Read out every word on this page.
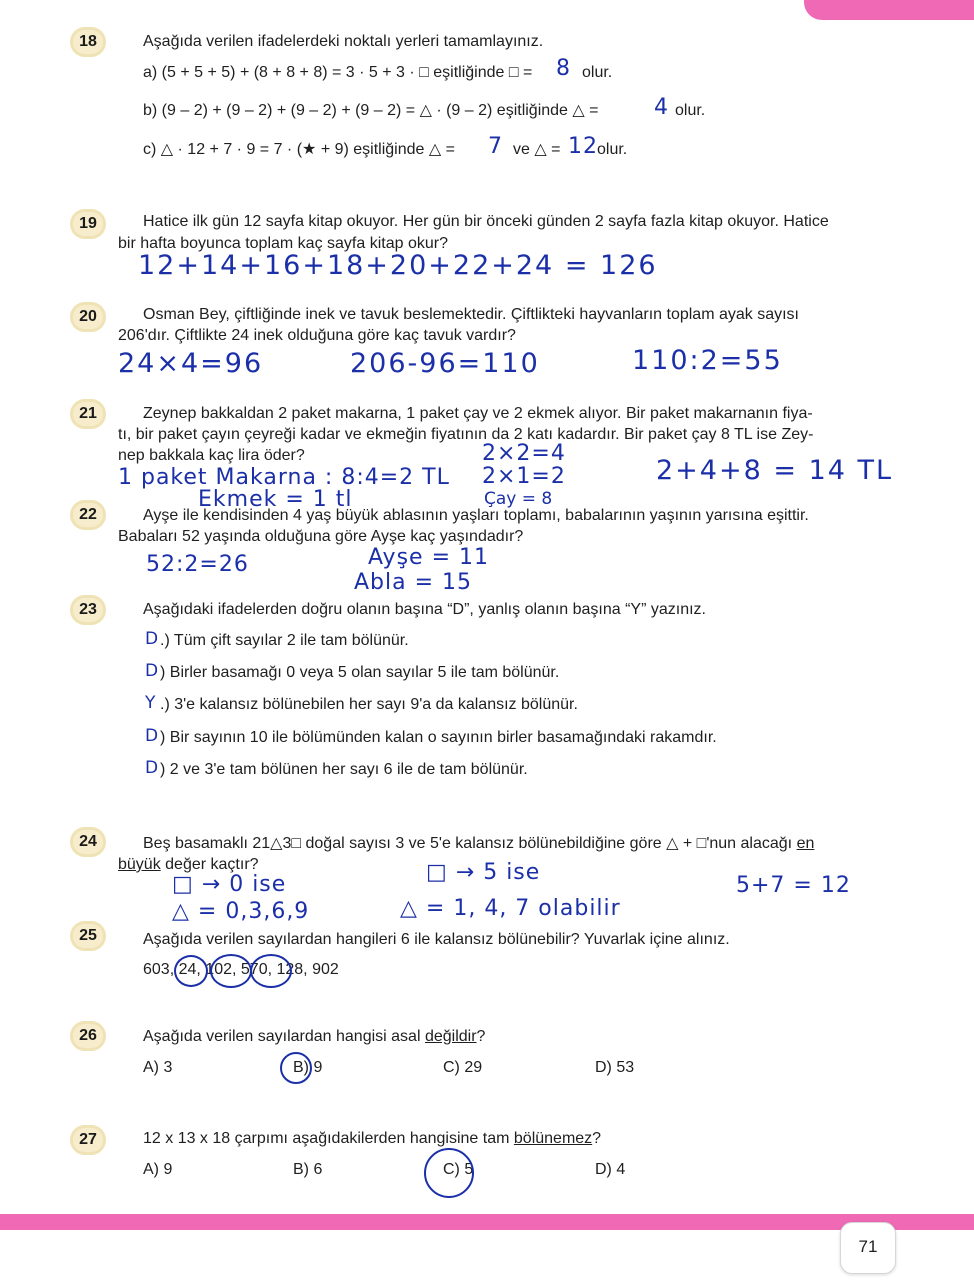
18	Aşağıda verilen ifadelerdeki noktalı yerleri tamamlayınız.
a) (5 + 5 + 5) + (8 + 8 + 8) = 3 · 5 + 3 · □ eşitliğinde □ = 8 olur.
b) (9 – 2) + (9 – 2) + (9 – 2) + (9 – 2) = △ · (9 – 2) eşitliğinde △ =	4 olur.
c) △ · 12 + 7 · 9 = 7 · (★ + 9) eşitliğinde △ = 7 ve △ = 12 olur.
19	Hatice ilk gün 12 sayfa kitap okuyor. Her gün bir önceki günden 2 sayfa fazla kitap okuyor. Hatice
bir hafta boyunca toplam kaç sayfa kitap okur?
12+14+16+18+20+22+24 = 126
20	Osman Bey, çiftliğinde inek ve tavuk beslemektedir. Çiftlikteki hayvanların toplam ayak sayısı
206'dır. Çiftlikte 24 inek olduğuna göre kaç tavuk vardır?
24×4=96	206-96=110	110:2=55
21	Zeynep bakkaldan 2 paket makarna, 1 paket çay ve 2 ekmek alıyor. Bir paket makarnanın fiya-
tı, bir paket çayın çeyreği kadar ve ekmeğin fiyatının da 2 katı kadardır. Bir paket çay 8 TL ise Zey-
nep bakkala kaç lira öder?	2×2=4
1 paket Makarna : 8:4=2 TL 2×1=2	2+4+8 = 14 TL
Ekmek = 1 tl	Çay = 8
22	Ayşe ile kendisinden 4 yaş büyük ablasının yaşları toplamı, babalarının yaşının yarısına eşittir.
Babaları 52 yaşında olduğuna göre Ayşe kaç yaşındadır?
52:2=26	Ayşe = 11
Abla = 15
23	Aşağıdaki ifadelerden doğru olanın başına “D”, yanlış olanın başına “Y” yazınız.
D .) Tüm çift sayılar 2 ile tam bölünür.
D ) Birler basamağı 0 veya 5 olan sayılar 5 ile tam bölünür.
Y .) 3'e kalansız bölünebilen her sayı 9'a da kalansız bölünür.
D ) Bir sayının 10 ile bölümünden kalan o sayının birler basamağındaki rakamdır.
D ) 2 ve 3'e tam bölünen her sayı 6 ile de tam bölünür.
24	Beş basamaklı 21△3□ doğal sayısı 3 ve 5'e kalansız bölünebildiğine göre △ + □'nun alacağı en
büyük değer kaçtır?
□ → 0 ise	□ → 5 ise
5+7 = 12
△ = 0,3,6,9	△ = 1, 4, 7 olabilir
25	Aşağıda verilen sayılardan hangileri 6 ile kalansız bölünebilir? Yuvarlak içine alınız.
603, 24, 102, 570, 128, 902
26	Aşağıda verilen sayılardan hangisi asal değildir?
A) 3	B) 9	C) 29	D) 53
27	12 x 13 x 18 çarpımı aşağıdakilerden hangisine tam bölünemez?
A) 9	B) 6	C) 5	D) 4
71
